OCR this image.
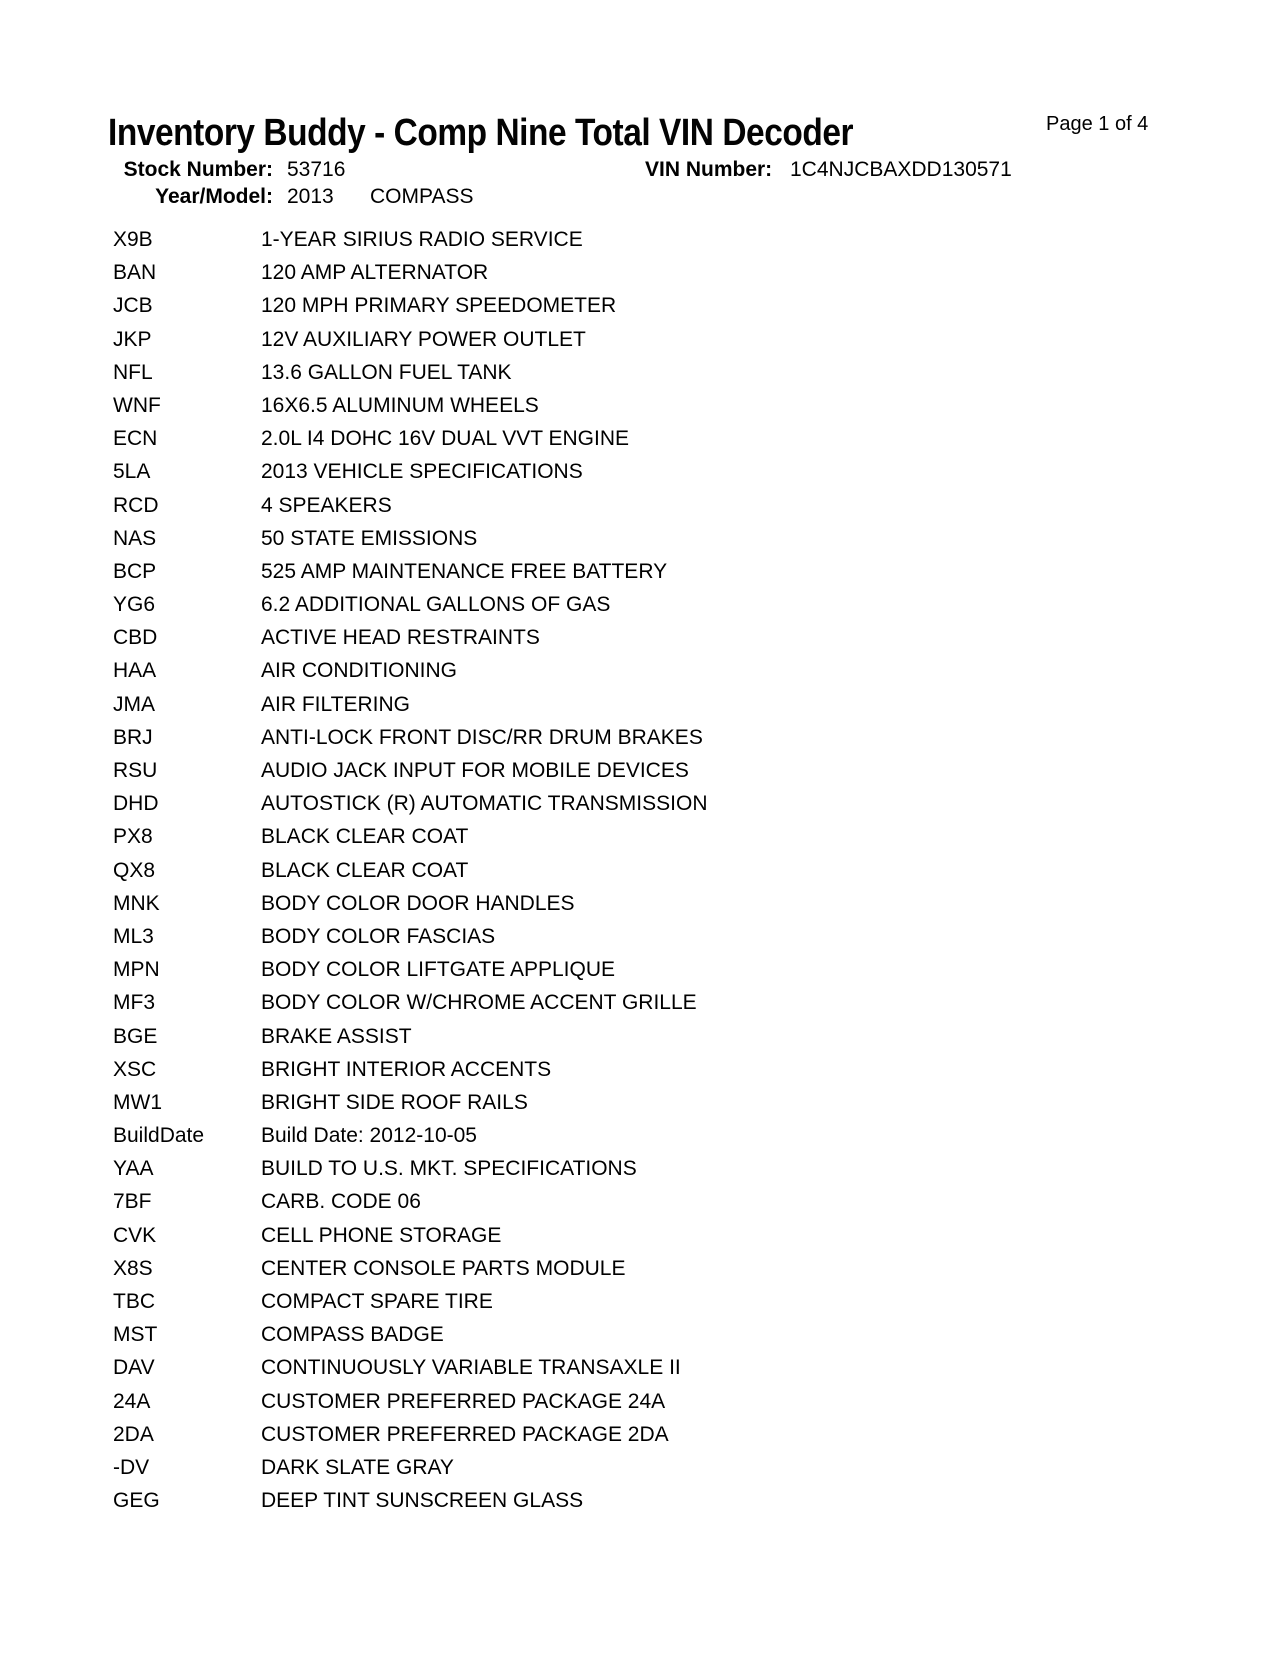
Inventory Buddy - Comp Nine Total VIN Decoder	Page 1 of 4
Stock Number: 53716	VIN Number: 1C4NJCBAXDD130571
Year/Model: 2013 COMPASS
X9B	1-YEAR SIRIUS RADIO SERVICE
BAN	120 AMP ALTERNATOR
JCB	120 MPH PRIMARY SPEEDOMETER
JKP	12V AUXILIARY POWER OUTLET
NFL	13.6 GALLON FUEL TANK
WNF	16X6.5 ALUMINUM WHEELS
ECN	2.0L I4 DOHC 16V DUAL VVT ENGINE
5LA	2013 VEHICLE SPECIFICATIONS
RCD	4 SPEAKERS
NAS	50 STATE EMISSIONS
BCP	525 AMP MAINTENANCE FREE BATTERY
YG6	6.2 ADDITIONAL GALLONS OF GAS
CBD	ACTIVE HEAD RESTRAINTS
HAA	AIR CONDITIONING
JMA	AIR FILTERING
BRJ	ANTI-LOCK FRONT DISC/RR DRUM BRAKES
RSU	AUDIO JACK INPUT FOR MOBILE DEVICES
DHD	AUTOSTICK (R) AUTOMATIC TRANSMISSION
PX8	BLACK CLEAR COAT
QX8	BLACK CLEAR COAT
MNK	BODY COLOR DOOR HANDLES
ML3	BODY COLOR FASCIAS
MPN	BODY COLOR LIFTGATE APPLIQUE
MF3	BODY COLOR W/CHROME ACCENT GRILLE
BGE	BRAKE ASSIST
XSC	BRIGHT INTERIOR ACCENTS
MW1	BRIGHT SIDE ROOF RAILS
BuildDate	Build Date: 2012-10-05
YAA	BUILD TO U.S. MKT. SPECIFICATIONS
7BF	CARB. CODE 06
CVK	CELL PHONE STORAGE
X8S	CENTER CONSOLE PARTS MODULE
TBC	COMPACT SPARE TIRE
MST	COMPASS BADGE
DAV	CONTINUOUSLY VARIABLE TRANSAXLE II
24A	CUSTOMER PREFERRED PACKAGE 24A
2DA	CUSTOMER PREFERRED PACKAGE 2DA
-DV	DARK SLATE GRAY
GEG	DEEP TINT SUNSCREEN GLASS
